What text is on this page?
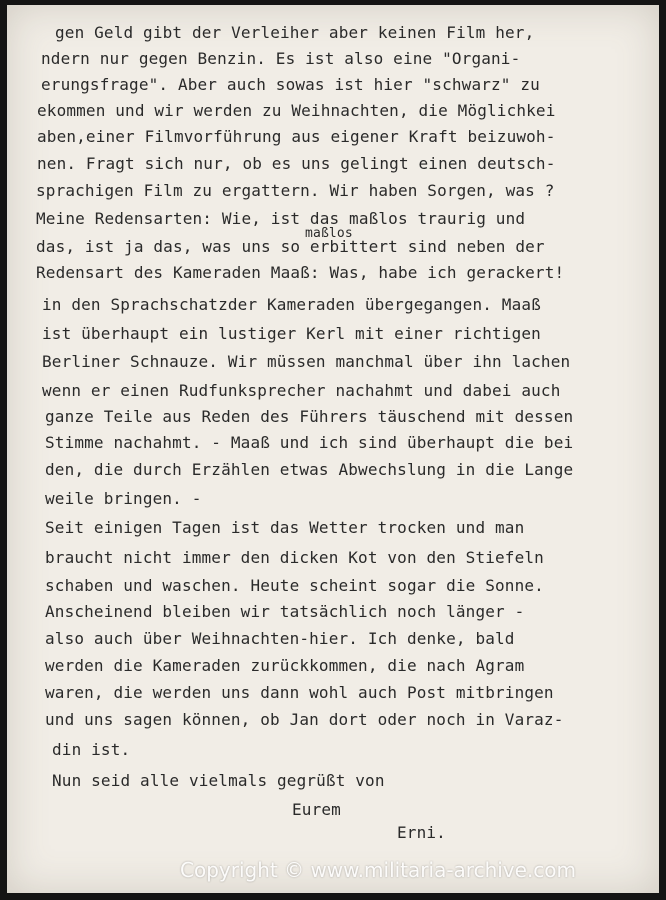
gen Geld gibt der Verleiher aber keinen Film her,
ndern nur gegen Benzin. Es ist also eine "Organi-
erungsfrage". Aber auch sowas ist hier "schwarz" zu
ekommen und wir werden zu Weihnachten, die Möglichkei
aben,einer Filmvorführung aus eigener Kraft beizuwoh-
nen. Fragt sich nur, ob es uns gelingt einen deutsch-
sprachigen Film zu ergattern. Wir haben Sorgen, was ?
Meine Redensarten: Wie, ist das maßlos traurig und
maßlos
das, ist ja das, was uns so erbittert sind neben der
Redensart des Kameraden Maaß: Was, habe ich gerackert!
in den Sprachschatzder Kameraden übergegangen. Maaß
ist überhaupt ein lustiger Kerl mit einer richtigen
Berliner Schnauze. Wir müssen manchmal über ihn lachen
wenn er einen Rudfunksprecher nachahmt und dabei auch
ganze Teile aus Reden des Führers täuschend mit dessen
Stimme nachahmt. - Maaß und ich sind überhaupt die bei
den, die durch Erzählen etwas Abwechslung in die Lange
weile bringen. -
Seit einigen Tagen ist das Wetter trocken und man
braucht nicht immer den dicken Kot von den Stiefeln
schaben und waschen. Heute scheint sogar die Sonne.
Anscheinend bleiben wir tatsächlich noch länger -
also auch über Weihnachten-hier. Ich denke, bald
werden die Kameraden zurückkommen, die nach Agram
waren, die werden uns dann wohl auch Post mitbringen
und uns sagen können, ob Jan dort oder noch in Varaz-
din ist.
Nun seid alle vielmals gegrüßt von
Eurem
Erni.
Copyright © www.militaria-archive.com
